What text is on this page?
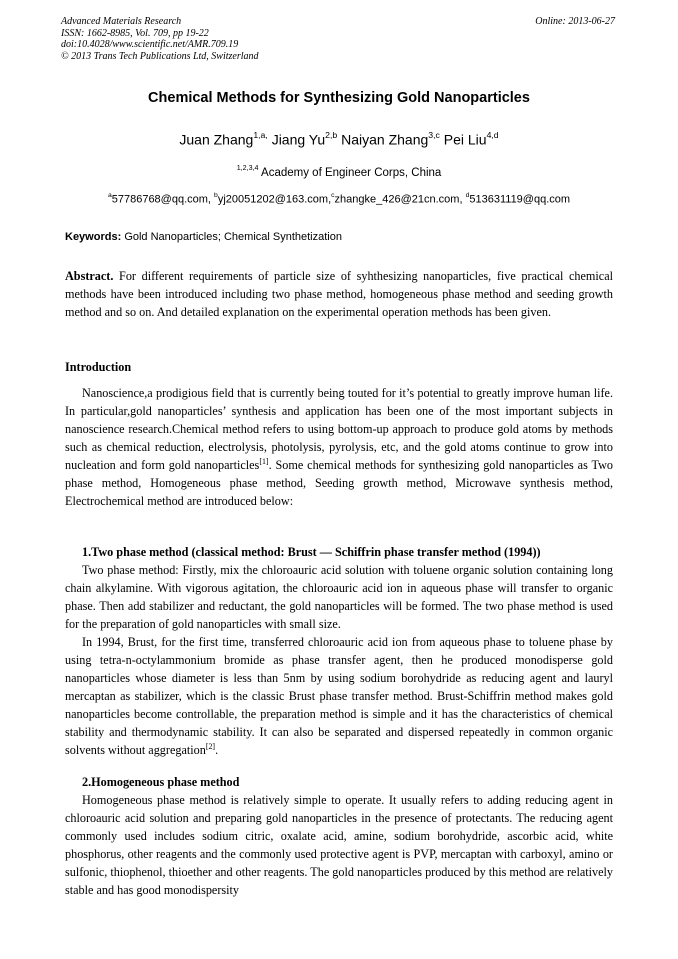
Advanced Materials Research
ISSN: 1662-8985, Vol. 709, pp 19-22
doi:10.4028/www.scientific.net/AMR.709.19
© 2013 Trans Tech Publications Ltd, Switzerland
Online: 2013-06-27
Chemical Methods for Synthesizing Gold Nanoparticles
Juan Zhang$^{1,a,}$ Jiang Yu$^{2,b}$ Naiyan Zhang$^{3,c}$ Pei Liu$^{4,d}$
$^{1,2,3,4}$ Academy of Engineer Corps, China
$^a$57786768@qq.com, $^b$yj20051202@163.com,$^c$zhangke_426@21cn.com, $^d$513631119@qq.com
Keywords: Gold Nanoparticles; Chemical Synthetization
Abstract. For different requirements of particle size of syhthesizing nanoparticles, five practical chemical methods have been introduced including two phase method, homogeneous phase method and seeding growth method and so on. And detailed explanation on the experimental operation methods has been given.
Introduction

Nanoscience,a prodigious field that is currently being touted for it’s potential to greatly improve human life. In particular,gold nanoparticles’ synthesis and application has been one of the most important subjects in nanoscience research.Chemical method refers to using bottom-up approach to produce gold atoms by methods such as chemical reduction, electrolysis, photolysis, pyrolysis, etc, and the gold atoms continue to grow into nucleation and form gold nanoparticles[1]. Some chemical methods for synthesizing gold nanoparticles as Two phase method, Homogeneous phase method, Seeding growth method, Microwave synthesis method, Electrochemical method are introduced below:

1.Two phase method (classical method: Brust — Schiffrin phase transfer method (1994))

Two phase method: Firstly, mix the chloroauric acid solution with toluene organic solution containing long chain alkylamine. With vigorous agitation, the chloroauric acid ion in aqueous phase will transfer to organic phase. Then add stabilizer and reductant, the gold nanoparticles will be formed. The two phase method is used for the preparation of gold nanoparticles with small size.

In 1994, Brust, for the first time, transferred chloroauric acid ion from aqueous phase to toluene phase by using tetra-n-octylammonium bromide as phase transfer agent, then he produced monodisperse gold nanoparticles whose diameter is less than 5nm by using sodium borohydride as reducing agent and lauryl mercaptan as stabilizer, which is the classic Brust phase transfer method. Brust-Schiffrin method makes gold nanoparticles become controllable, the preparation method is simple and it has the characteristics of chemical stability and thermodynamic stability. It can also be separated and dispersed repeatedly in common organic solvents without aggregation[2].

2.Homogeneous phase method

Homogeneous phase method is relatively simple to operate. It usually refers to adding reducing agent in chloroauric acid solution and preparing gold nanoparticles in the presence of protectants. The reducing agent commonly used includes sodium citric, oxalate acid, amine, sodium borohydride, ascorbic acid, white phosphorus, other reagents and the commonly used protective agent is PVP, mercaptan with carboxyl, amino or sulfonic, thiophenol, thioether and other reagents. The gold nanoparticles produced by this method are relatively stable and has good monodispersity
